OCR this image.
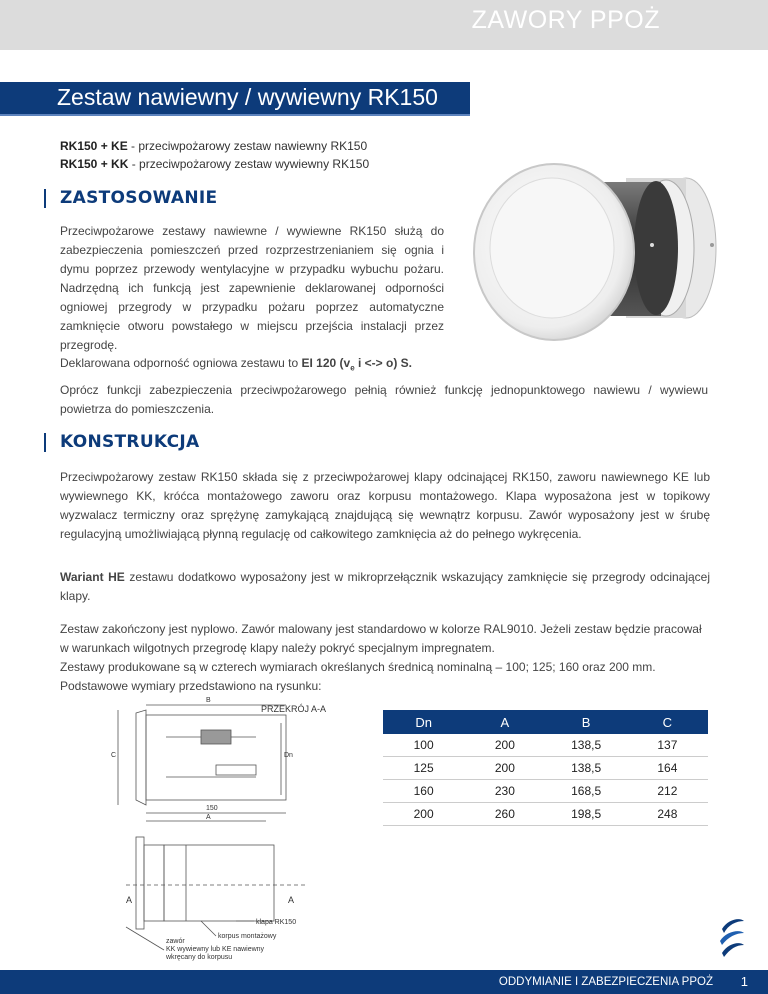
ZAWORY PPOŻ
Zestaw nawiewny / wywiewny RK150
RK150 + KE - przeciwpożarowy zestaw nawiewny RK150
RK150 + KK - przeciwpożarowy zestaw wywiewny RK150
ZASTOSOWANIE
Przeciwpożarowe zestawy nawiewne / wywiewne RK150 służą do zabezpieczenia pomieszczeń przed rozprzestrzenianiem się ognia i dymu poprzez przewody wentylacyjne w przypadku wybuchu pożaru. Nadrzędną ich funkcją jest zapewnienie deklarowanej odporności ogniowej przegrody w przypadku pożaru poprzez automatyczne zamknięcie otworu powstałego w miejscu przejścia instalacji przez przegrodę.
Deklarowana odporność ogniowa zestawu to EI 120 ($v_e$ i <-> o) S.
Oprócz funkcji zabezpieczenia przeciwpożarowego pełnią również funkcję jednopunktowego nawiewu / wywiewu powietrza do pomieszczenia.
KONSTRUKCJA
Przeciwpożarowy zestaw RK150 składa się z przeciwpożarowej klapy odcinającej RK150, zaworu nawiewnego KE lub wywiewnego KK, króćca montażowego zaworu oraz korpusu montażowego. Klapa wyposażona jest w topikowy wyzwalacz termiczny oraz sprężynę zamykającą znajdującą się wewnątrz korpusu. Zawór wyposażony jest w śrubę regulacyjną umożliwiającą płynną regulację od całkowitego zamknięcia aż do pełnego wykręcenia.
Wariant HE zestawu dodatkowo wyposażony jest w mikroprzełącznik wskazujący zamknięcie się przegrody odcinającej klapy.
Zestaw zakończony jest nyplowo. Zawór malowany jest standardowo w kolorze RAL9010. Jeżeli zestaw będzie pracował w warunkach wilgotnych przegrodę klapy należy pokryć specjalnym impregnatem.
Zestawy produkowane są w czterech wymiarach określanych średnicą nominalną – 100; 125; 160 oraz 200 mm.
Podstawowe wymiary przedstawiono na rysunku:
B
C	Dn
150
A
PRZEKRÓJ A-A
A	A
klapa RK150
korpus montażowy
zawór
KK wywiewny lub KE nawiewny
wkręcany do korpusu
Dn	A	B	C
100	200	138,5	137
125	200	138,5	164
160	230	168,5	212
200	260	198,5	248
ODDYMIANIE I ZABEZPIECZENIA PPOŻ 1
